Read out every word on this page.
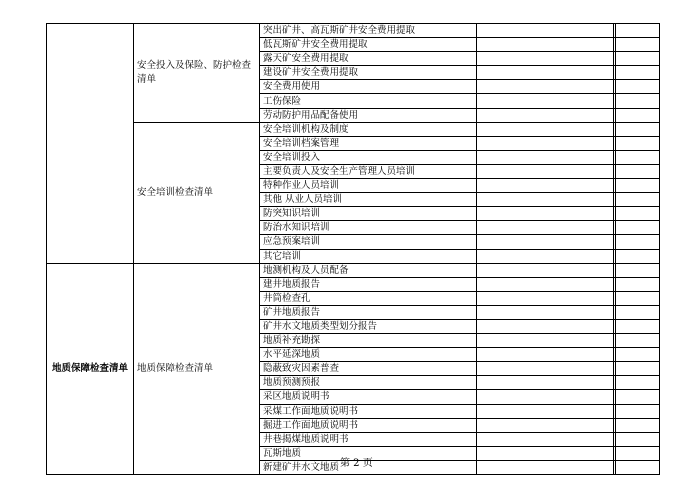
	安全投入及保险、防护检查清单	突出矿井、高瓦斯矿井安全费用提取			
		低瓦斯矿井安全费用提取			
		露天矿安全费用提取			
		建设矿井安全费用提取			
		安全费用使用			
		工伤保险			
		劳动防护用品配备使用			
	安全培训检查清单	安全培训机构及制度			
		安全培训档案管理			
		安全培训投入			
		主要负责人及安全生产管理人员培训			
		特种作业人员培训			
		其他 从业人员培训			
		防突知识培训			
		防治水知识培训			
		应急预案培训			
		其它培训			
地质保障检查清单	地质保障检查清单	地测机构及人员配备			
		建井地质报告			
		井筒检查孔			
		矿井地质报告			
		矿井水文地质类型划分报告			
		地质补充勘探			
		水平延深地质			
		隐蔽致灾因素普查			
		地质预测预报			
		采区地质说明书			
		采煤工作面地质说明书			
		掘进工作面地质说明书			
		井巷揭煤地质说明书			
		瓦斯地质			
		新建矿井水文地质			第 2 页
